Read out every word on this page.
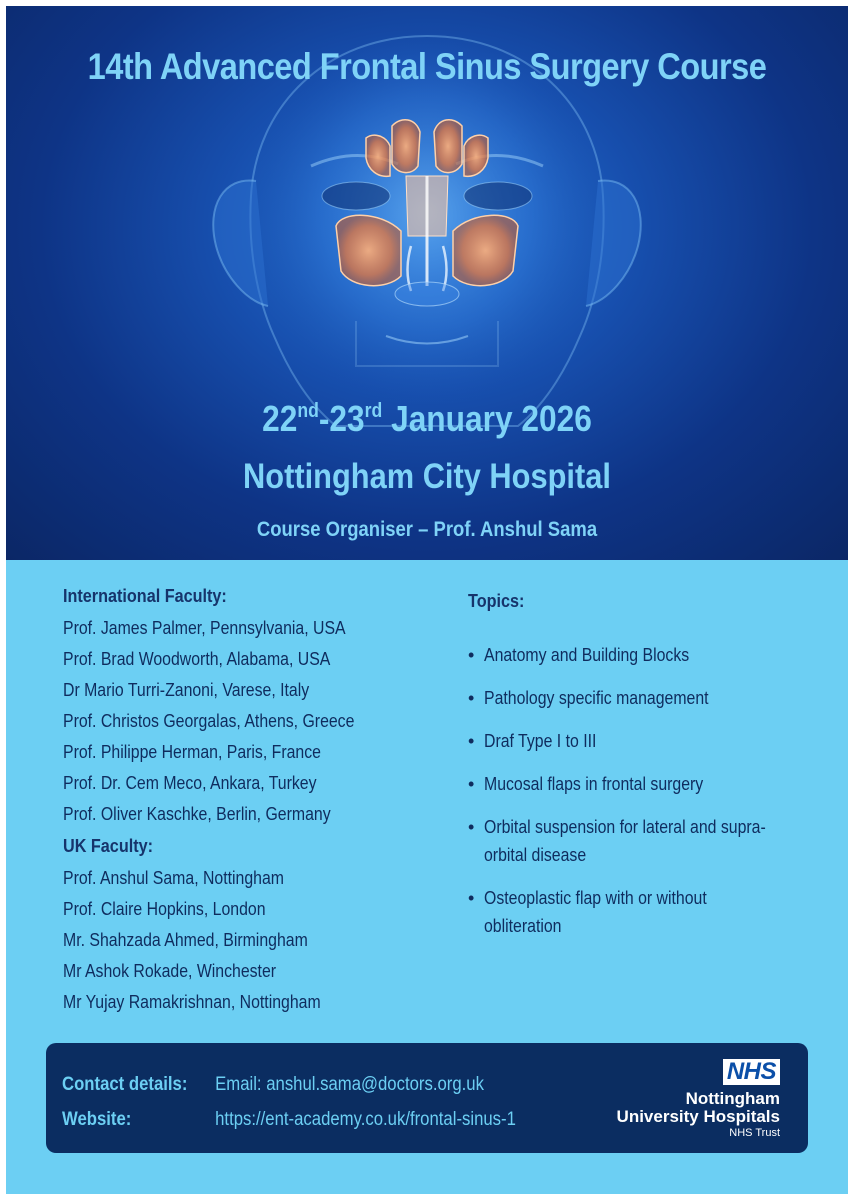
14th Advanced Frontal Sinus Surgery Course
22nd-23rd January 2026
Nottingham City Hospital
Course Organiser – Prof. Anshul Sama
International Faculty:
Prof. James Palmer, Pennsylvania, USA
Prof. Brad Woodworth, Alabama, USA
Dr Mario Turri-Zanoni, Varese, Italy
Prof. Christos Georgalas, Athens, Greece
Prof. Philippe Herman, Paris, France
Prof. Dr. Cem Meco, Ankara, Turkey
Prof. Oliver Kaschke, Berlin, Germany
UK Faculty:
Prof. Anshul Sama, Nottingham
Prof. Claire Hopkins, London
Mr. Shahzada Ahmed, Birmingham
Mr Ashok Rokade, Winchester
Mr Yujay Ramakrishnan, Nottingham
Topics:
• Anatomy and Building Blocks
• Pathology specific management
• Draf Type I to III
• Mucosal flaps in frontal surgery
• Orbital suspension for lateral and supra-orbital disease
• Osteoplastic flap with or without obliteration
Contact details: Email: anshul.sama@doctors.org.uk
Website:	https://ent-academy.co.uk/frontal-sinus-1
NHS
Nottingham
University Hospitals
NHS Trust
